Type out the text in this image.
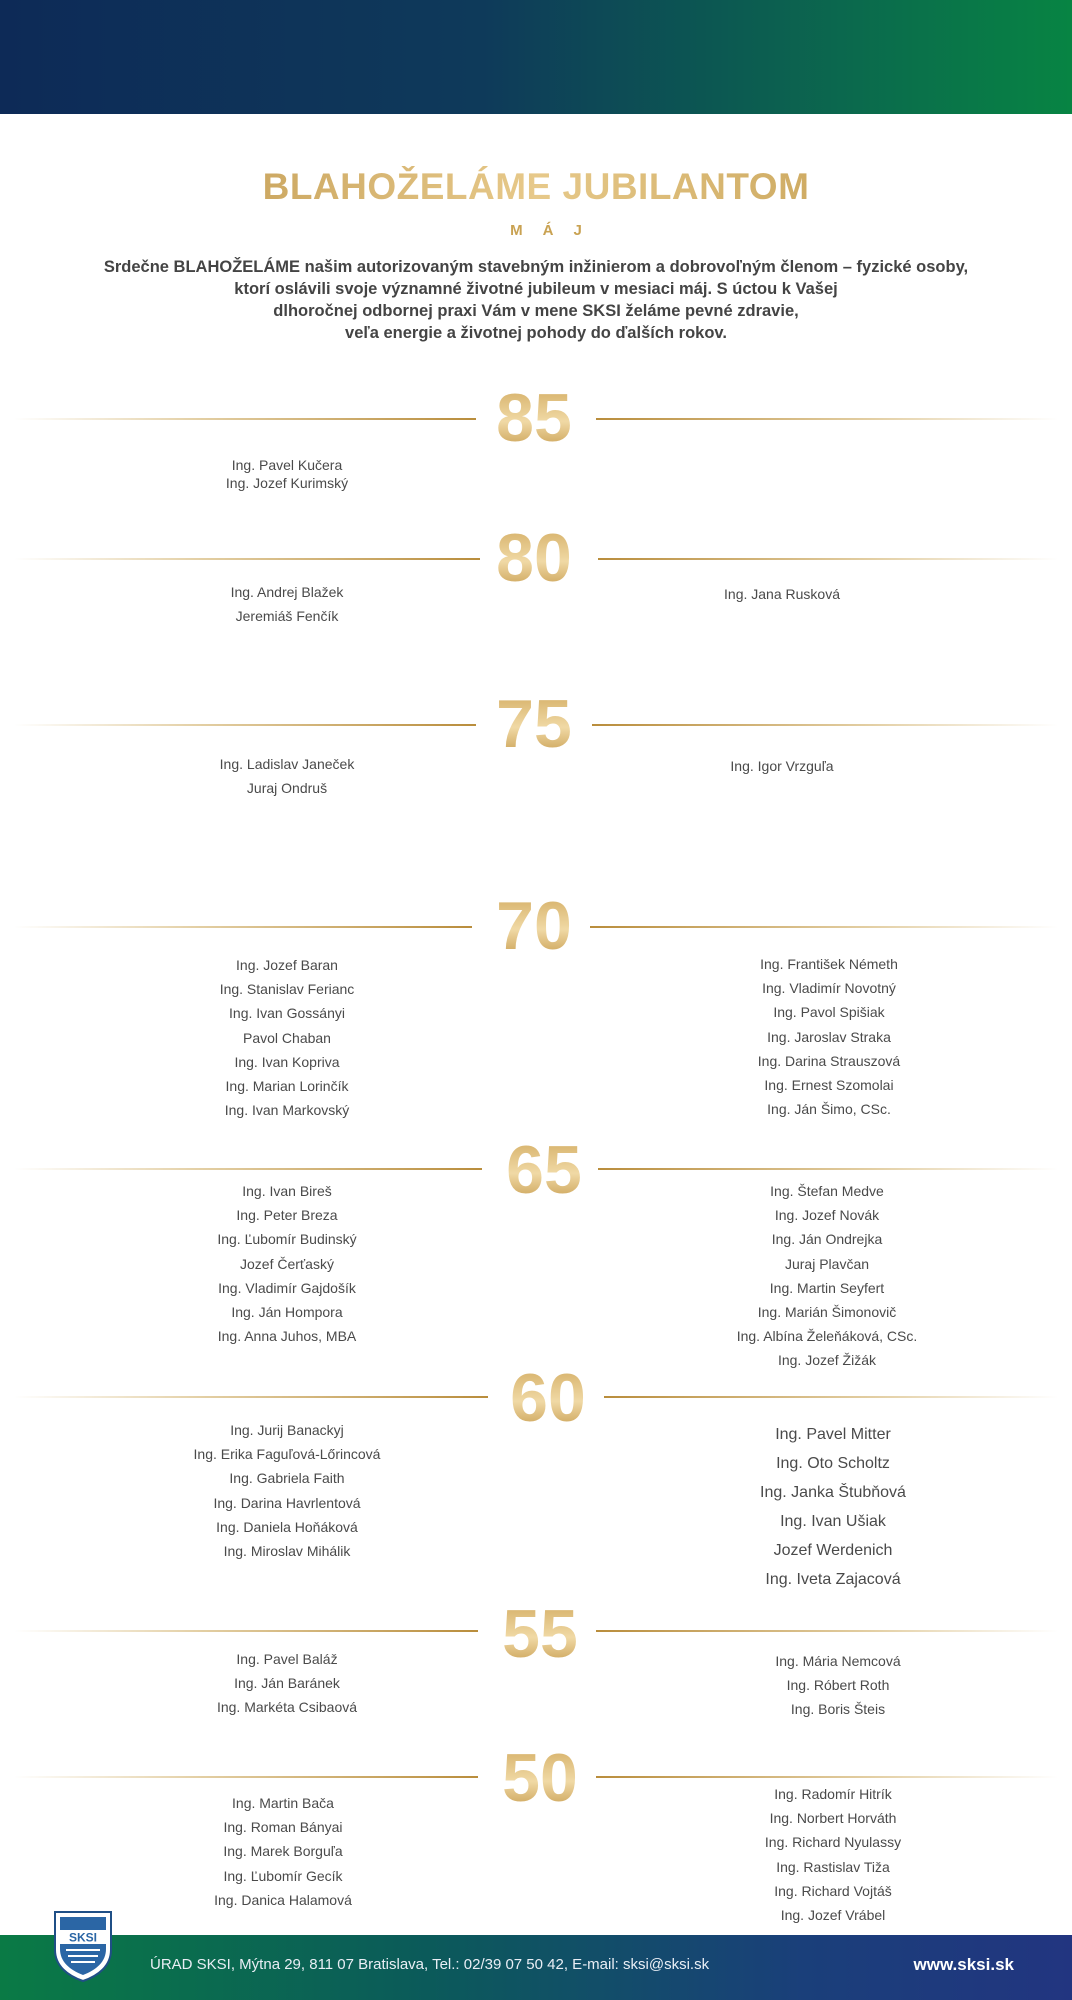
BLAHOŽELÁME JUBILANTOM
MÁJ
Srdečne BLAHOŽELÁME našim autorizovaným stavebným inžinierom a dobrovoľným členom – fyzické osoby,
ktorí oslávili svoje významné životné jubileum v mesiaci máj. S úctou k Vašej
dlhoročnej odbornej praxi Vám v mene SKSI želáme pevné zdravie,
veľa energie a životnej pohody do ďalších rokov.
85
Ing. Pavel Kučera
Ing. Jozef Kurimský
80
Ing. Andrej Blažek
Jeremiáš Fenčík
Ing. Jana Rusková
75
Ing. Ladislav Janeček
Juraj Ondruš
Ing. Igor Vrzguľa
70
Ing. Jozef Baran
Ing. Stanislav Ferianc
Ing. Ivan Gossányi
Pavol Chaban
Ing. Ivan Kopriva
Ing. Marian Lorinčík
Ing. Ivan Markovský
Ing. František Németh
Ing. Vladimír Novotný
Ing. Pavol Spišiak
Ing. Jaroslav Straka
Ing. Darina Strauszová
Ing. Ernest Szomolai
Ing. Ján Šimo, CSc.
65
Ing. Ivan Bireš
Ing. Peter Breza
Ing. Ľubomír Budinský
Jozef Čerťaský
Ing. Vladimír Gajdošík
Ing. Ján Hompora
Ing. Anna Juhos, MBA
Ing. Štefan Medve
Ing. Jozef Novák
Ing. Ján Ondrejka
Juraj Plavčan
Ing. Martin Seyfert
Ing. Marián Šimonovič
Ing. Albína Želeňáková, CSc.
Ing. Jozef Žižák
60
Ing. Jurij Banackyj
Ing. Erika Faguľová-Lőrincová
Ing. Gabriela Faith
Ing. Darina Havrlentová
Ing. Daniela Hoňáková
Ing. Miroslav Mihálik
Ing. Pavel Mitter
Ing. Oto Scholtz
Ing. Janka Štubňová
Ing. Ivan Ušiak
Jozef Werdenich
Ing. Iveta Zajacová
55
Ing. Pavel Baláž
Ing. Ján Baránek
Ing. Markéta Csibaová
Ing. Mária Nemcová
Ing. Róbert Roth
Ing. Boris Šteis
50
Ing. Martin Bača
Ing. Roman Bányai
Ing. Marek Borguľa
Ing. Ľubomír Gecík
Ing. Danica Halamová
Ing. Radomír Hitrík
Ing. Norbert Horváth
Ing. Richard Nyulassy
Ing. Rastislav Tiža
Ing. Richard Vojtáš
Ing. Jozef Vrábel
SKSI
ÚRAD SKSI, Mýtna 29, 811 07 Bratislava, Tel.: 02/39 07 50 42, E-mail: sksi@sksi.sk	www.sksi.sk
